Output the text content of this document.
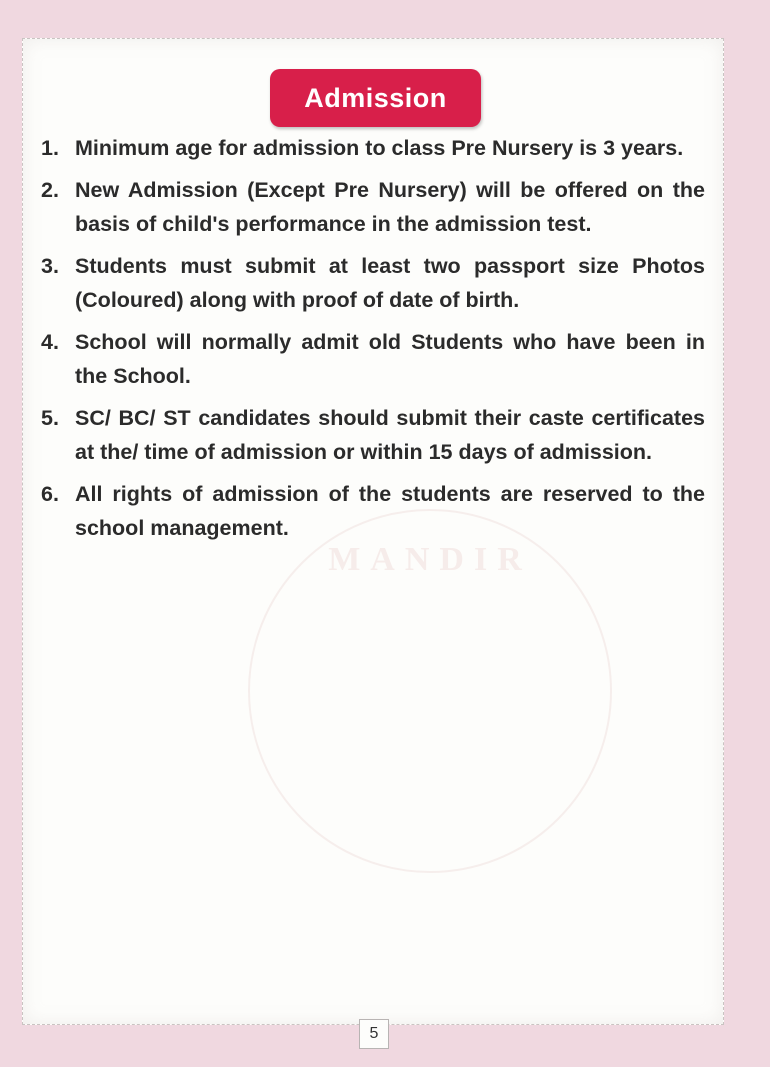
MANDIR
Admission
1. Minimum age for admission to class Pre Nursery is 3 years.
2. New Admission (Except Pre Nursery) will be offered on the basis of child's performance in the admission test.
3. Students must submit at least two passport size Photos (Coloured) along with proof of date of birth.
4. School will normally admit old Students who have been in the School.
5. SC/ BC/ ST candidates should submit their caste certificates at the/ time of admission or within 15 days of admission.
6. All rights of admission of the students are reserved to the school management.
5
